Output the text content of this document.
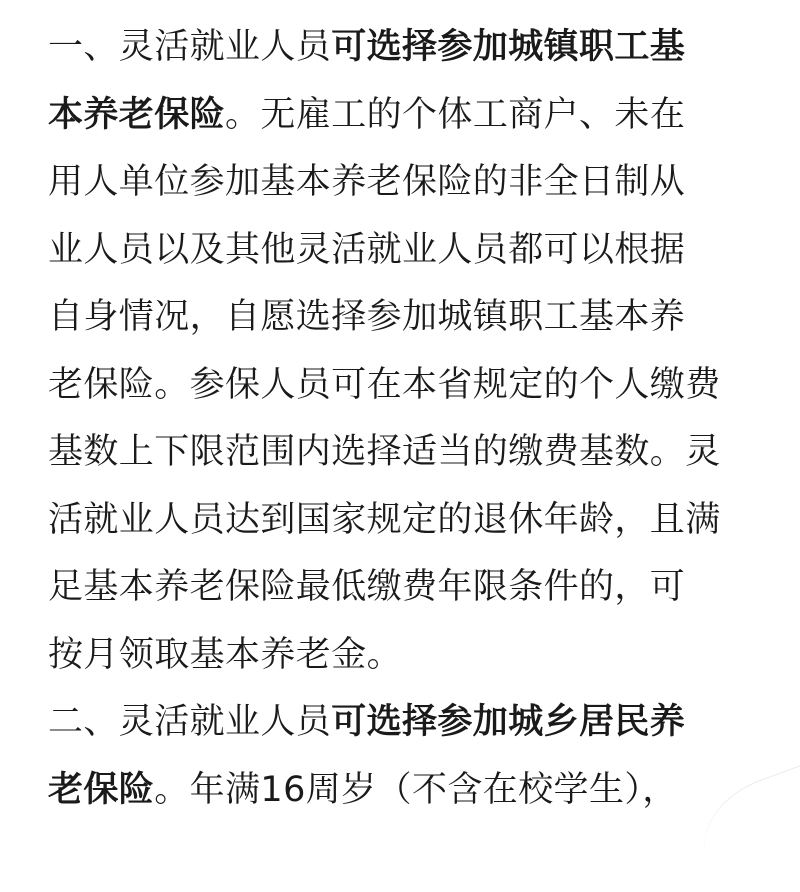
一、灵活就业人员可选择参加城镇职工基
本养老保险。无雇工的个体工商户、未在
用人单位参加基本养老保险的非全日制从
业人员以及其他灵活就业人员都可以根据
自身情况，自愿选择参加城镇职工基本养
老保险。参保人员可在本省规定的个人缴费
基数上下限范围内选择适当的缴费基数。灵
活就业人员达到国家规定的退休年龄，且满
足基本养老保险最低缴费年限条件的，可
按月领取基本养老金。
二、灵活就业人员可选择参加城乡居民养
老保险。年满16周岁（不含在校学生），
